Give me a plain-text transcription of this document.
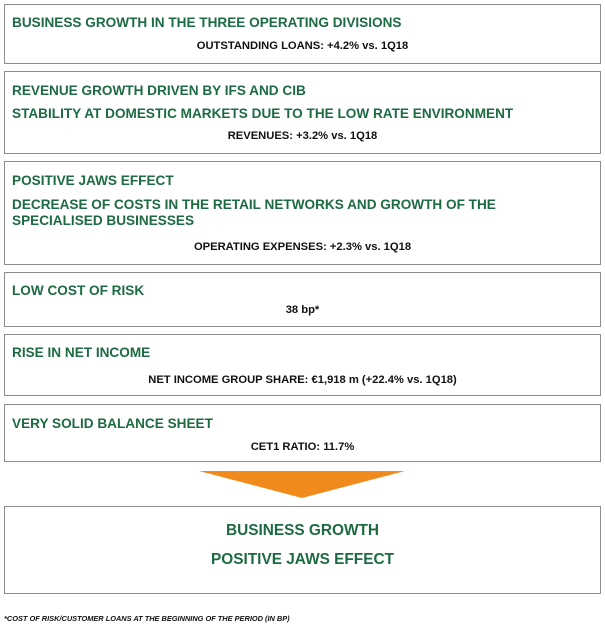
BUSINESS GROWTH IN THE THREE OPERATING DIVISIONS
OUTSTANDING LOANS: +4.2% vs. 1Q18
REVENUE GROWTH DRIVEN BY IFS AND CIB
STABILITY AT DOMESTIC MARKETS DUE TO THE LOW RATE ENVIRONMENT
REVENUES: +3.2% vs. 1Q18
POSITIVE JAWS EFFECT
DECREASE OF COSTS IN THE RETAIL NETWORKS AND GROWTH OF THE
SPECIALISED BUSINESSES
OPERATING EXPENSES: +2.3% vs. 1Q18
LOW COST OF RISK
38 bp*
RISE IN NET INCOME
NET INCOME GROUP SHARE: €1,918 m (+22.4% vs. 1Q18)
VERY SOLID BALANCE SHEET
CET1 RATIO: 11.7%
BUSINESS GROWTH
POSITIVE JAWS EFFECT
*COST OF RISK/CUSTOMER LOANS AT THE BEGINNING OF THE PERIOD (IN BP)
